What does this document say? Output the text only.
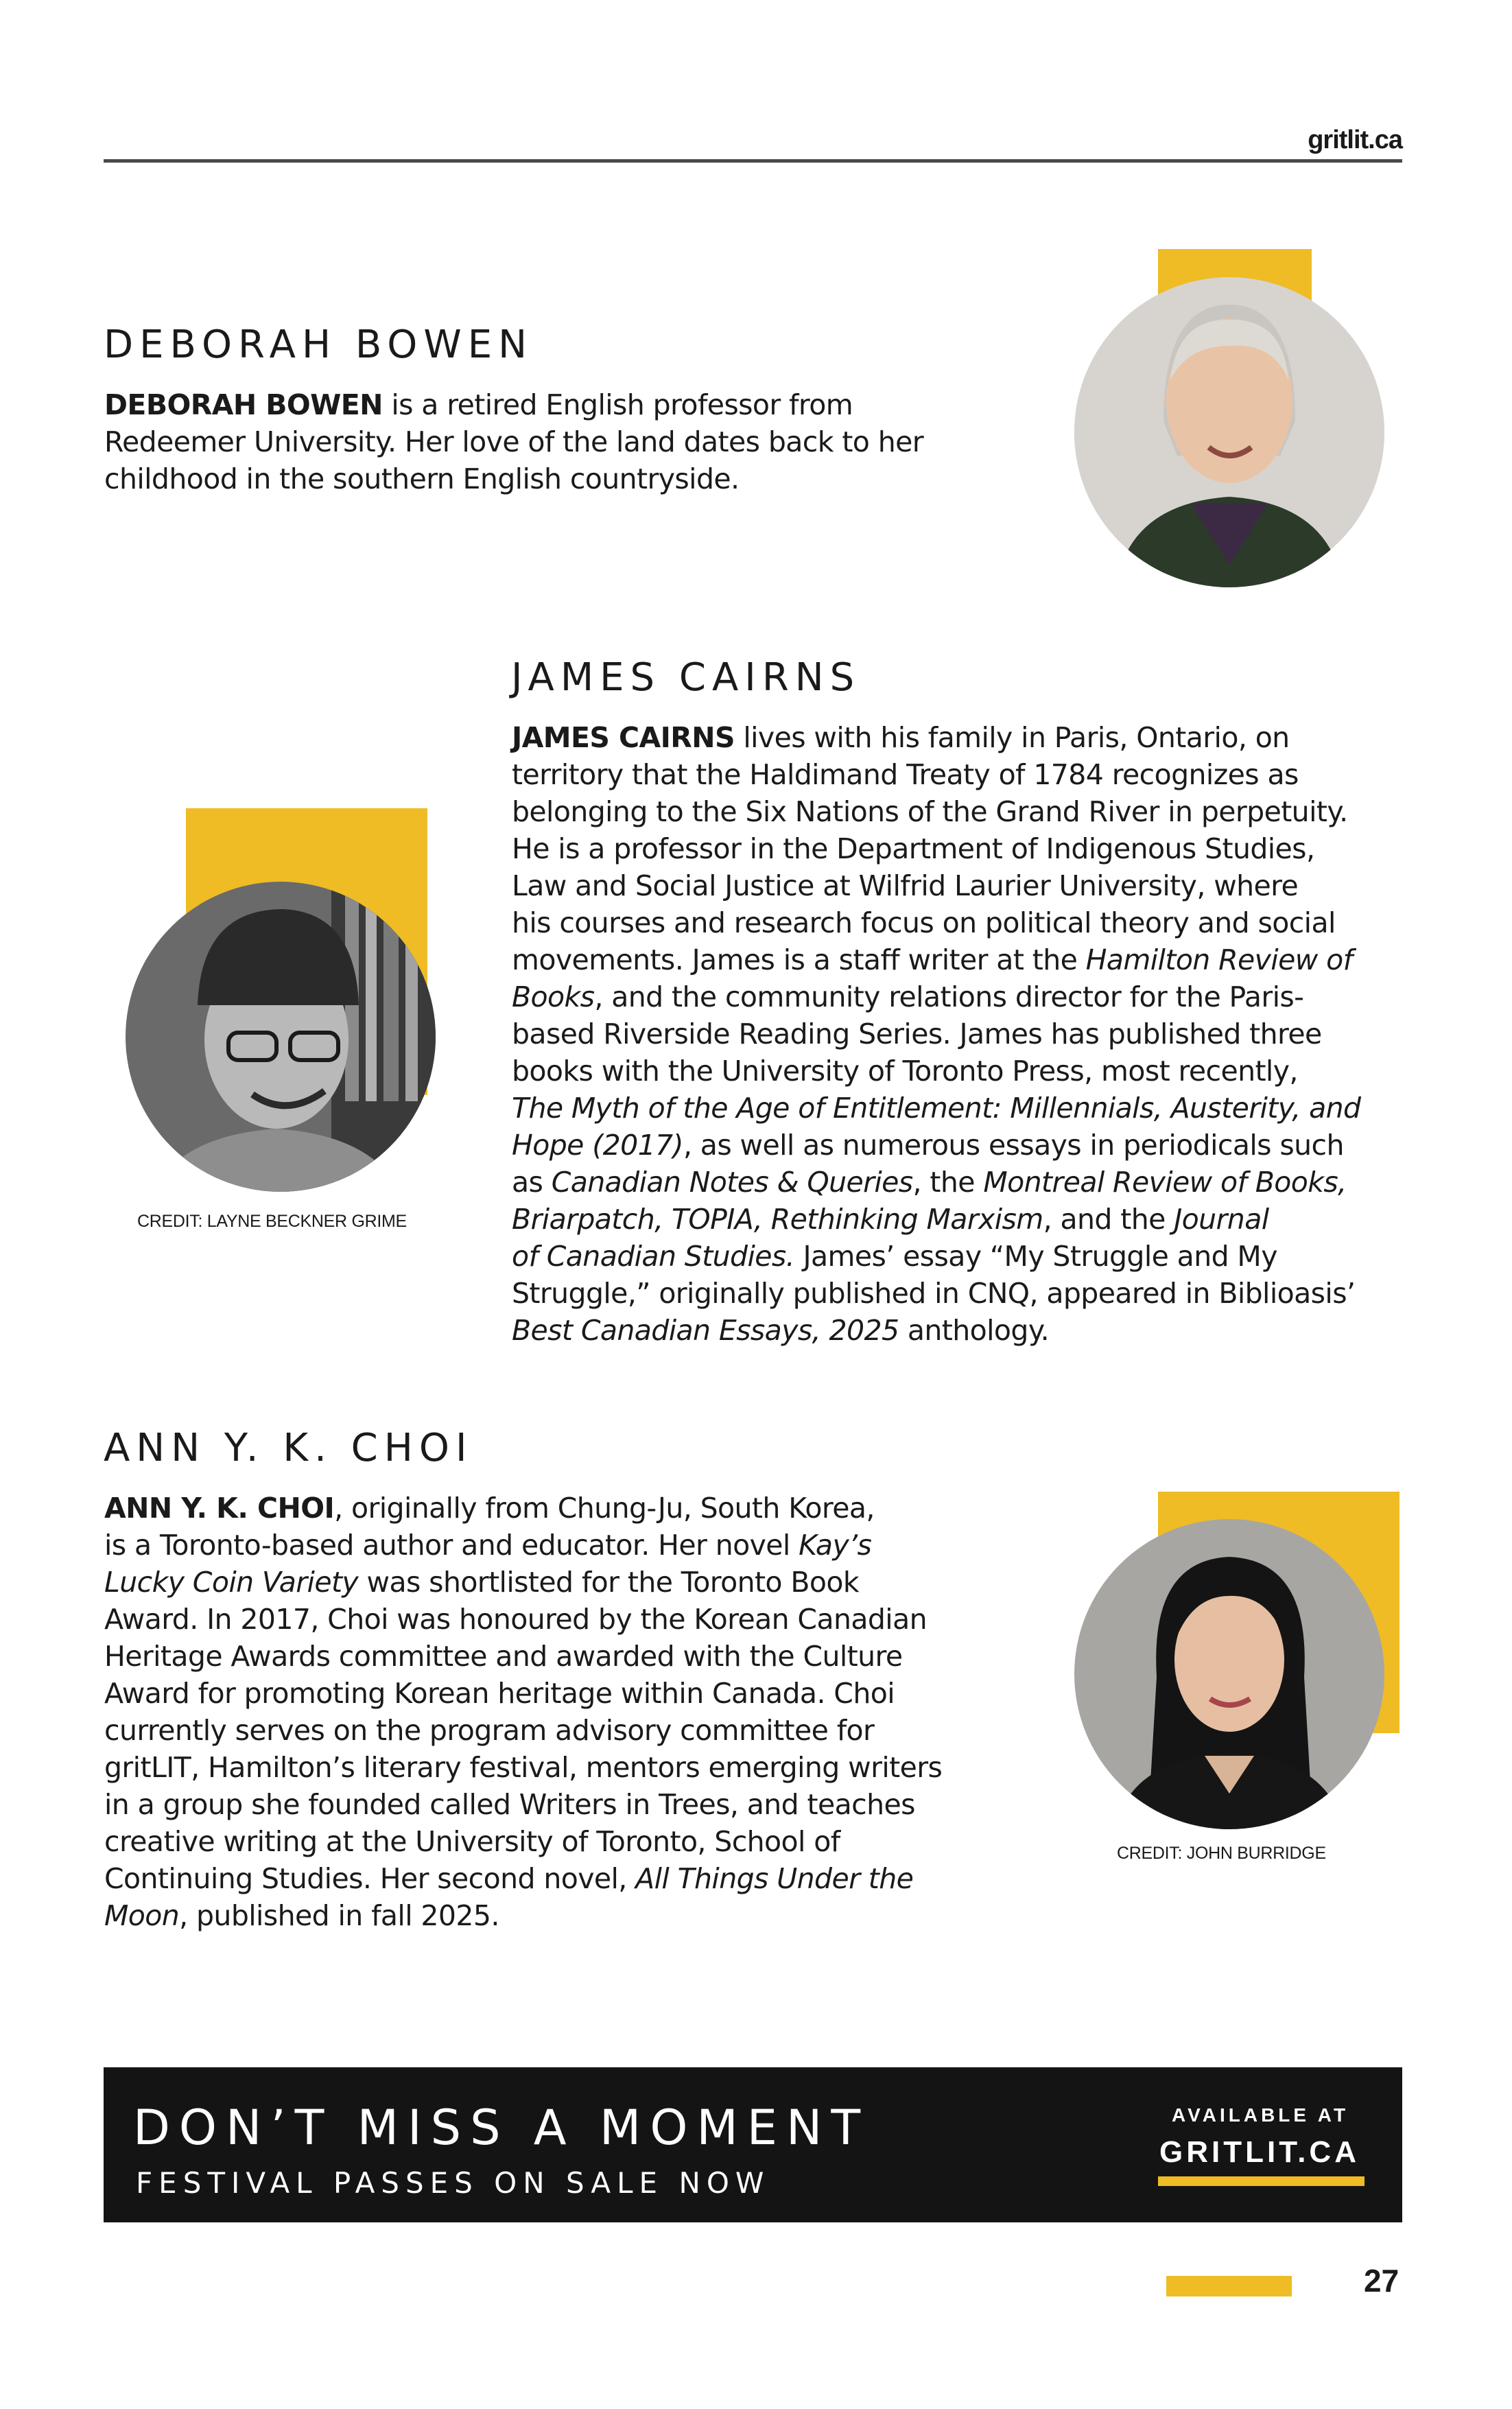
gritlit.ca
DEBORAH BOWEN

DEBORAH BOWEN is a retired English professor from
Redeemer University. Her love of the land dates back to her
childhood in the southern English countryside.

JAMES CAIRNS

JAMES CAIRNS lives with his family in Paris, Ontario, on
territory that the Haldimand Treaty of 1784 recognizes as
belonging to the Six Nations of the Grand River in perpetuity.
He is a professor in the Department of Indigenous Studies,
Law and Social Justice at Wilfrid Laurier University, where
his courses and research focus on political theory and social
movements. James is a staff writer at the Hamilton Review of
Books, and the community relations director for the Paris-
based Riverside Reading Series. James has published three
books with the University of Toronto Press, most recently,
The Myth of the Age of Entitlement: Millennials, Austerity, and
Hope (2017), as well as numerous essays in periodicals such
as Canadian Notes & Queries, the Montreal Review of Books,
Briarpatch, TOPIA, Rethinking Marxism, and the Journal
of Canadian Studies. James’ essay “My Struggle and My
Struggle,” originally published in CNQ, appeared in Biblioasis’
Best Canadian Essays, 2025 anthology.

CREDIT: LAYNE BECKNER GRIME
ANN Y. K. CHOI

ANN Y. K. CHOI, originally from Chung-Ju, South Korea,
is a Toronto-based author and educator. Her novel Kay’s
Lucky Coin Variety was shortlisted for the Toronto Book
Award. In 2017, Choi was honoured by the Korean Canadian
Heritage Awards committee and awarded with the Culture
Award for promoting Korean heritage within Canada. Choi
currently serves on the program advisory committee for
gritLIT, Hamilton’s literary festival, mentors emerging writers
in a group she founded called Writers in Trees, and teaches
creative writing at the University of Toronto, School of
Continuing Studies. Her second novel, All Things Under the
Moon, published in fall 2025.

CREDIT: JOHN BURRIDGE
DON’T MISS A MOMENT
FESTIVAL PASSES ON SALE NOW
AVAILABLE AT
GRITLIT.CA
27
